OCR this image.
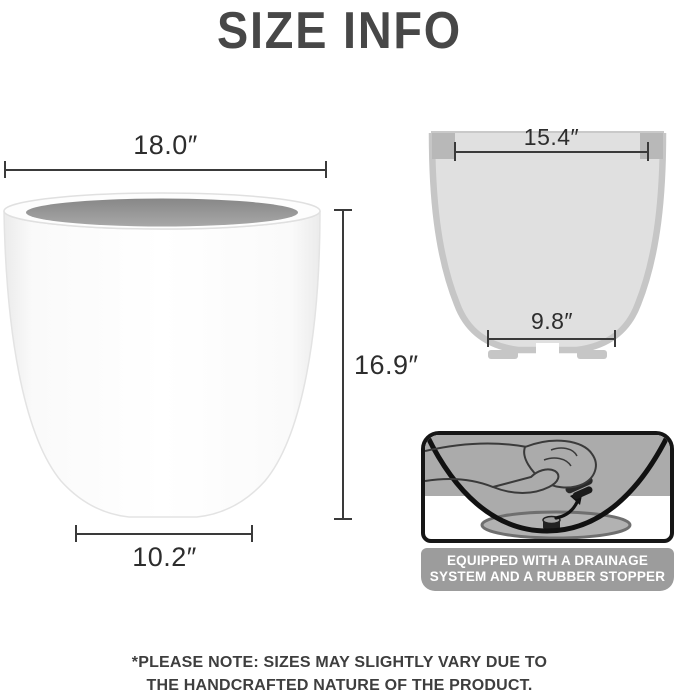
SIZE INFO
18.0″
16.9″
10.2″
15.4″
9.8″
EQUIPPED WITH A DRAINAGE
SYSTEM AND A RUBBER STOPPER
*PLEASE NOTE: SIZES MAY SLIGHTLY VARY DUE TO
THE HANDCRAFTED NATURE OF THE PRODUCT.
